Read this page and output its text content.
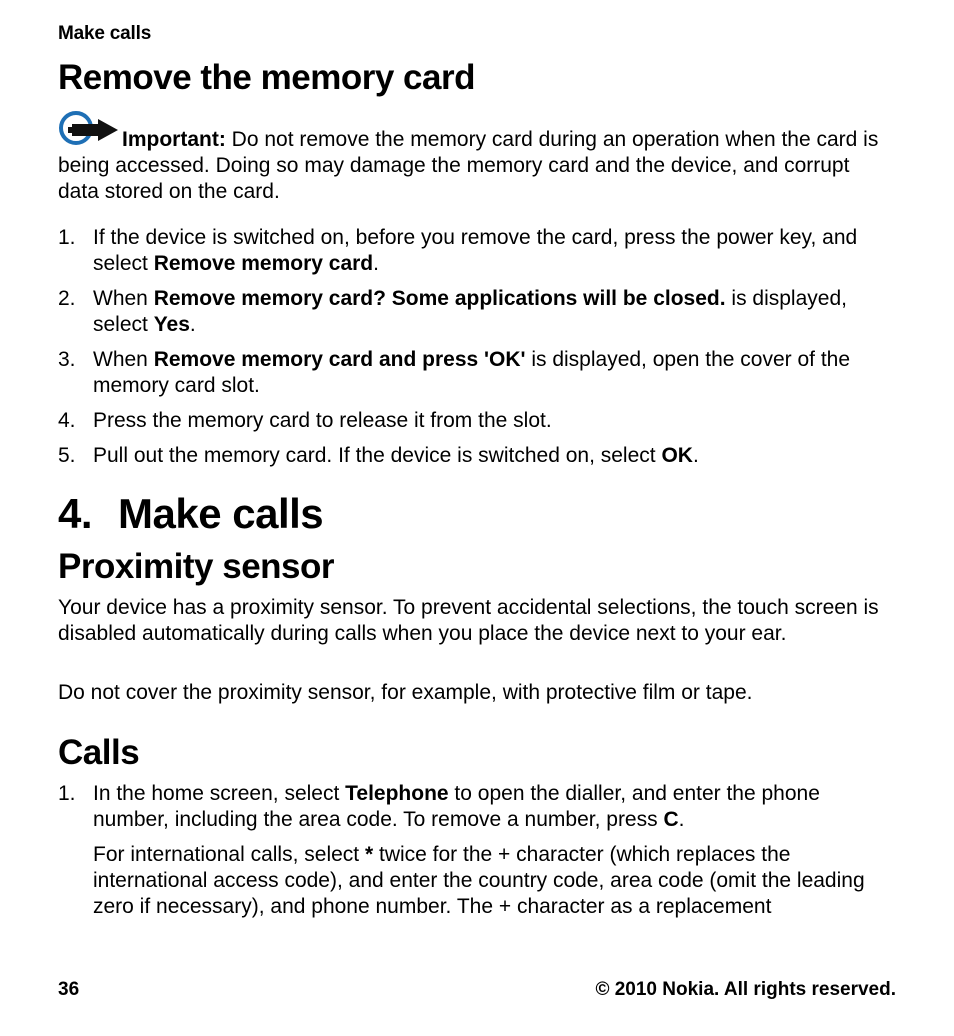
Make calls
Remove the memory card
Important: Do not remove the memory card during an operation when the card is being accessed. Doing so may damage the memory card and the device, and corrupt data stored on the card.
1. If the device is switched on, before you remove the card, press the power key, and select Remove memory card.
2. When Remove memory card? Some applications will be closed. is displayed, select Yes.
3. When Remove memory card and press 'OK' is displayed, open the cover of the memory card slot.
4. Press the memory card to release it from the slot.
5. Pull out the memory card. If the device is switched on, select OK.
4. Make calls
Proximity sensor

Your device has a proximity sensor. To prevent accidental selections, the touch screen is disabled automatically during calls when you place the device next to your ear.

Do not cover the proximity sensor, for example, with protective film or tape.

Calls
1. In the home screen, select Telephone to open the dialler, and enter the phone number, including the area code. To remove a number, press C.
For international calls, select * twice for the + character (which replaces the international access code), and enter the country code, area code (omit the leading zero if necessary), and phone number. The + character as a replacement
36	© 2010 Nokia. All rights reserved.
